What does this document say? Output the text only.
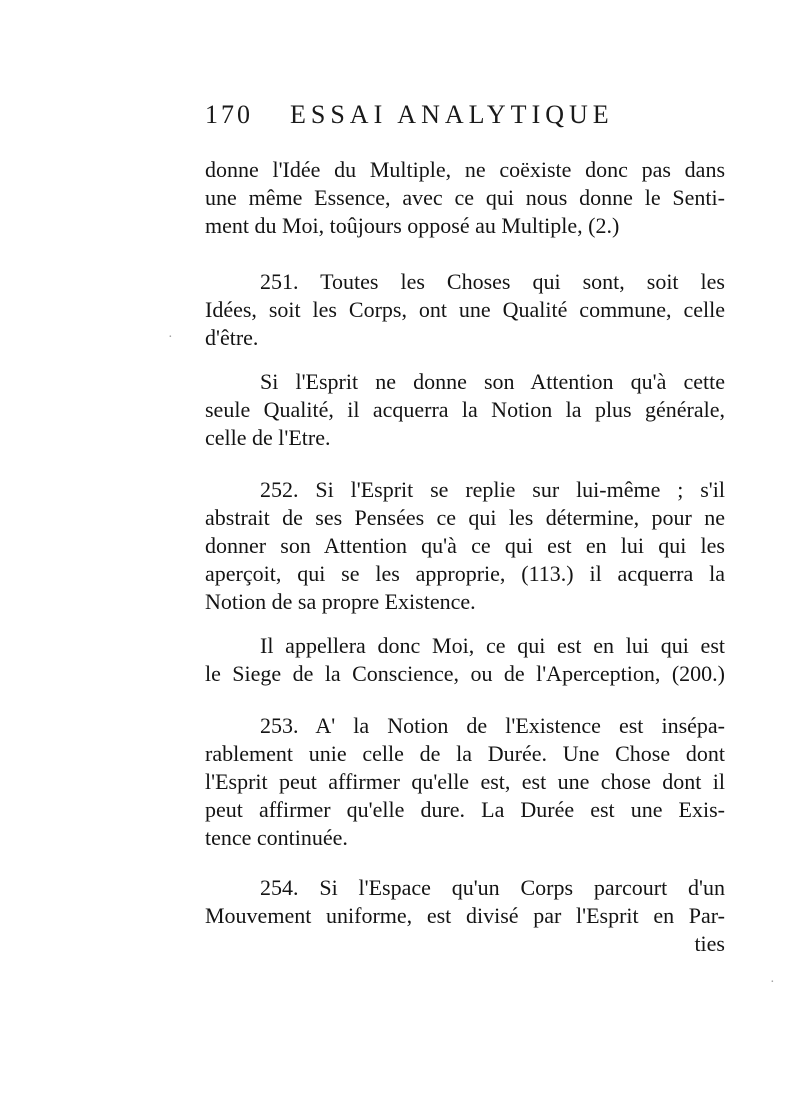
170 ESSAI ANALYTIQUE
donne l'Idée du Multiple, ne coëxiste donc pas dans
une même Essence, avec ce qui nous donne le Senti-
ment du Moi, toûjours opposé au Multiple, (2.)
251. Toutes les Choses qui sont, soit les
Idées, soit les Corps, ont une Qualité commune, celle
d'être.
Si l'Esprit ne donne son Attention qu'à cette
seule Qualité, il acquerra la Notion la plus générale,
celle de l'Etre.
252. Si l'Esprit se replie sur lui-même ; s'il
abstrait de ses Pensées ce qui les détermine, pour ne
donner son Attention qu'à ce qui est en lui qui les
aperçoit, qui se les approprie, (113.) il acquerra la
Notion de sa propre Existence.
Il appellera donc Moi, ce qui est en lui qui est
le Siege de la Conscience, ou de l'Aperception, (200.)
253. A' la Notion de l'Existence est insépa-
rablement unie celle de la Durée. Une Chose dont
l'Esprit peut affirmer qu'elle est, est une chose dont il
peut affirmer qu'elle dure. La Durée est une Exis-
tence continuée.
254. Si l'Espace qu'un Corps parcourt d'un
Mouvement uniforme, est divisé par l'Esprit en Par-
ties
·
·
